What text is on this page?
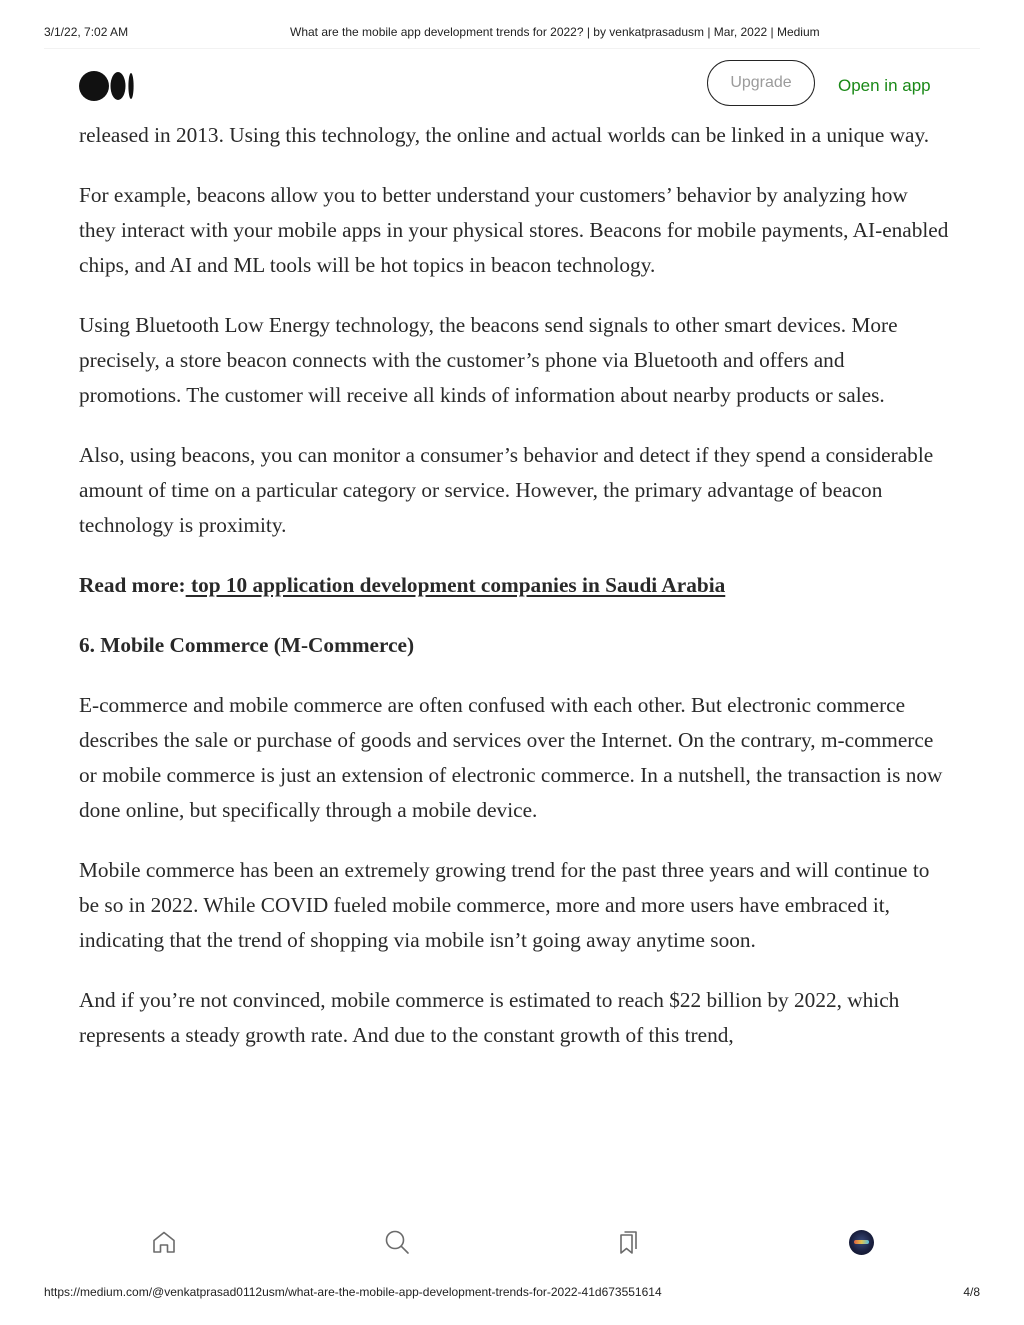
3/1/22, 7:02 AM	What are the mobile app development trends for 2022? | by venkatprasadusm | Mar, 2022 | Medium
Upgrade	Open in app

released in 2013. Using this technology, the online and actual worlds can be linked in a unique way.

For example, beacons allow you to better understand your customers’ behavior by analyzing how they interact with your mobile apps in your physical stores. Beacons for mobile payments, AI-enabled chips, and AI and ML tools will be hot topics in beacon technology.

Using Bluetooth Low Energy technology, the beacons send signals to other smart devices. More precisely, a store beacon connects with the customer’s phone via Bluetooth and offers and promotions. The customer will receive all kinds of information about nearby products or sales.

Also, using beacons, you can monitor a consumer’s behavior and detect if they spend a considerable amount of time on a particular category or service. However, the primary advantage of beacon technology is proximity.

Read more: top 10 application development companies in Saudi Arabia

6. Mobile Commerce (M-Commerce)

E-commerce and mobile commerce are often confused with each other. But electronic commerce describes the sale or purchase of goods and services over the Internet. On the contrary, m-commerce or mobile commerce is just an extension of electronic commerce. In a nutshell, the transaction is now done online, but specifically through a mobile device.

Mobile commerce has been an extremely growing trend for the past three years and will continue to be so in 2022. While COVID fueled mobile commerce, more and more users have embraced it, indicating that the trend of shopping via mobile isn’t going away anytime soon.

And if you’re not convinced, mobile commerce is estimated to reach $22 billion by 2022, which represents a steady growth rate. And due to the constant growth of this trend,

https://medium.com/@venkatprasad0112usm/what-are-the-mobile-app-development-trends-for-2022-41d673551614	4/8
